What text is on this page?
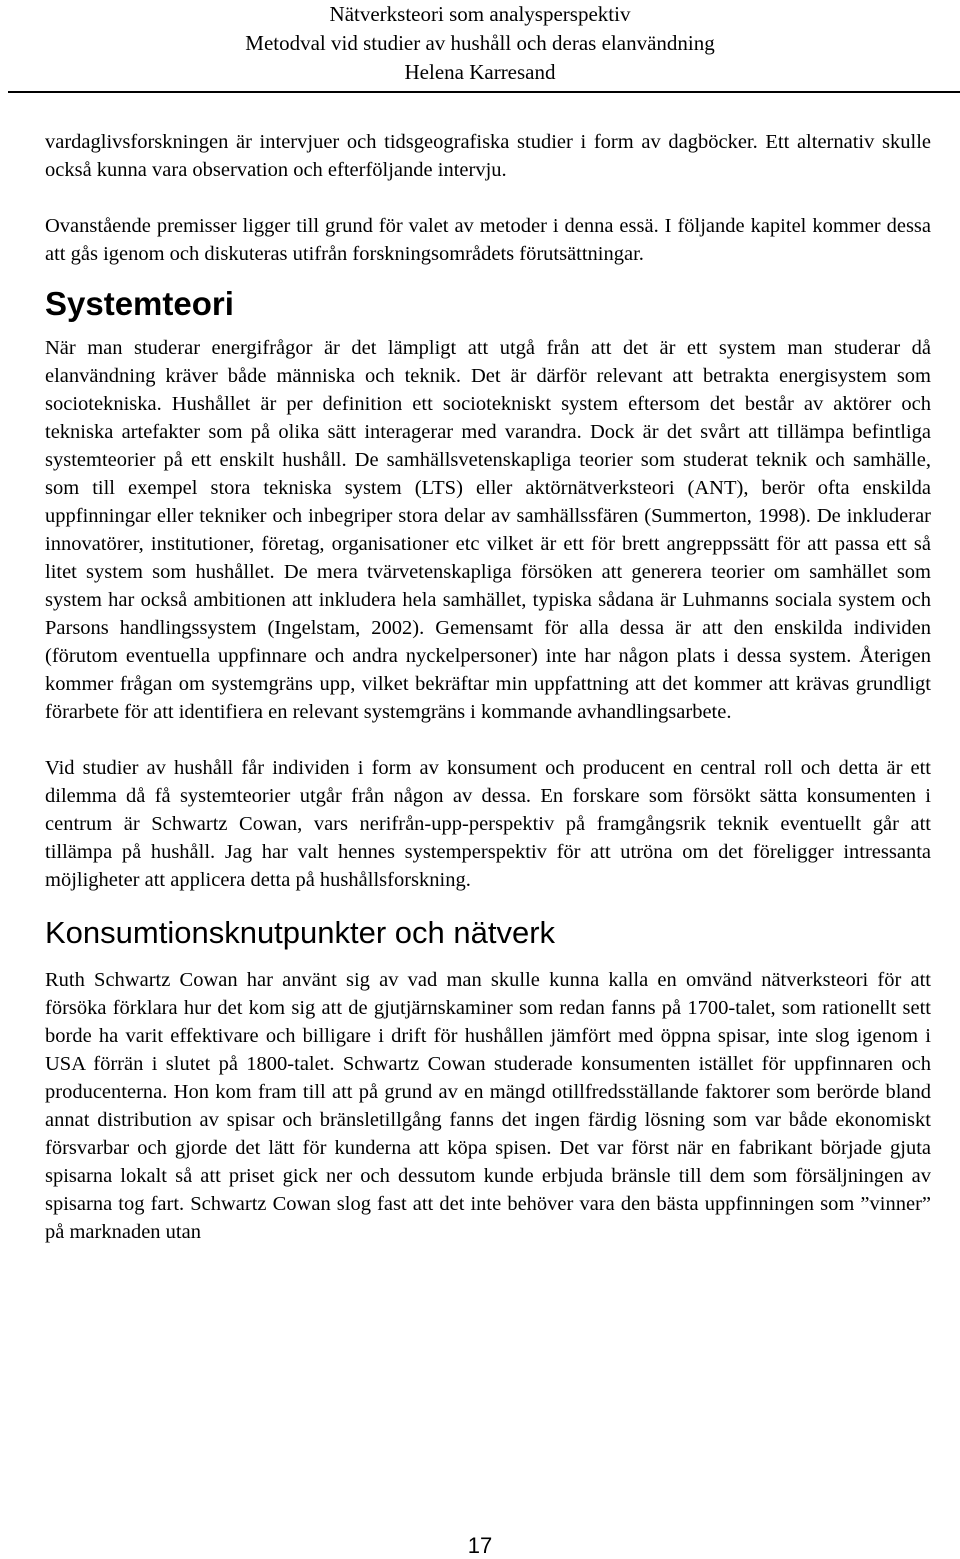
Nätverksteori som analysperspektiv

Metodval vid studier av hushåll och deras elanvändning

Helena Karresand

vardaglivsforskningen är intervjuer och tidsgeografiska studier i form av dagböcker. Ett alternativ skulle också kunna vara observation och efterföljande intervju.

Ovanstående premisser ligger till grund för valet av metoder i denna essä. I följande kapitel kommer dessa att gås igenom och diskuteras utifrån forskningsområdets förutsättningar.

Systemteori

När man studerar energifrågor är det lämpligt att utgå från att det är ett system man studerar då elanvändning kräver både människa och teknik. Det är därför relevant att betrakta energisystem som sociotekniska. Hushållet är per definition ett sociotekniskt system eftersom det består av aktörer och tekniska artefakter som på olika sätt interagerar med varandra. Dock är det svårt att tillämpa befintliga systemteorier på ett enskilt hushåll. De samhällsvetenskapliga teorier som studerat teknik och samhälle, som till exempel stora tekniska system (LTS) eller aktörnätverksteori (ANT), berör ofta enskilda uppfinningar eller tekniker och inbegriper stora delar av samhällssfären (Summerton, 1998). De inkluderar innovatörer, institutioner, företag, organisationer etc vilket är ett för brett angreppssätt för att passa ett så litet system som hushållet. De mera tvärvetenskapliga försöken att generera teorier om samhället som system har också ambitionen att inkludera hela samhället, typiska sådana är Luhmanns sociala system och Parsons handlingssystem (Ingelstam, 2002). Gemensamt för alla dessa är att den enskilda individen (förutom eventuella uppfinnare och andra nyckelpersoner) inte har någon plats i dessa system. Återigen kommer frågan om systemgräns upp, vilket bekräftar min uppfattning att det kommer att krävas grundligt förarbete för att identifiera en relevant systemgräns i kommande avhandlingsarbete.

Vid studier av hushåll får individen i form av konsument och producent en central roll och detta är ett dilemma då få systemteorier utgår från någon av dessa. En forskare som försökt sätta konsumenten i centrum är Schwartz Cowan, vars nerifrån-upp-perspektiv på framgångsrik teknik eventuellt går att tillämpa på hushåll. Jag har valt hennes systemperspektiv för att utröna om det föreligger intressanta möjligheter att applicera detta på hushållsforskning.

Konsumtionsknutpunkter och nätverk

Ruth Schwartz Cowan har använt sig av vad man skulle kunna kalla en omvänd nätverksteori för att försöka förklara hur det kom sig att de gjutjärnskaminer som redan fanns på 1700-talet, som rationellt sett borde ha varit effektivare och billigare i drift för hushållen jämfört med öppna spisar, inte slog igenom i USA förrän i slutet på 1800-talet. Schwartz Cowan studerade konsumenten istället för uppfinnaren och producenterna. Hon kom fram till att på grund av en mängd otillfredsställande faktorer som berörde bland annat distribution av spisar och bränsletillgång fanns det ingen färdig lösning som var både ekonomiskt försvarbar och gjorde det lätt för kunderna att köpa spisen. Det var först när en fabrikant började gjuta spisarna lokalt så att priset gick ner och dessutom kunde erbjuda bränsle till dem som försäljningen av spisarna tog fart. Schwartz Cowan slog fast att det inte behöver vara den bästa uppfinningen som ”vinner” på marknaden utan

17
